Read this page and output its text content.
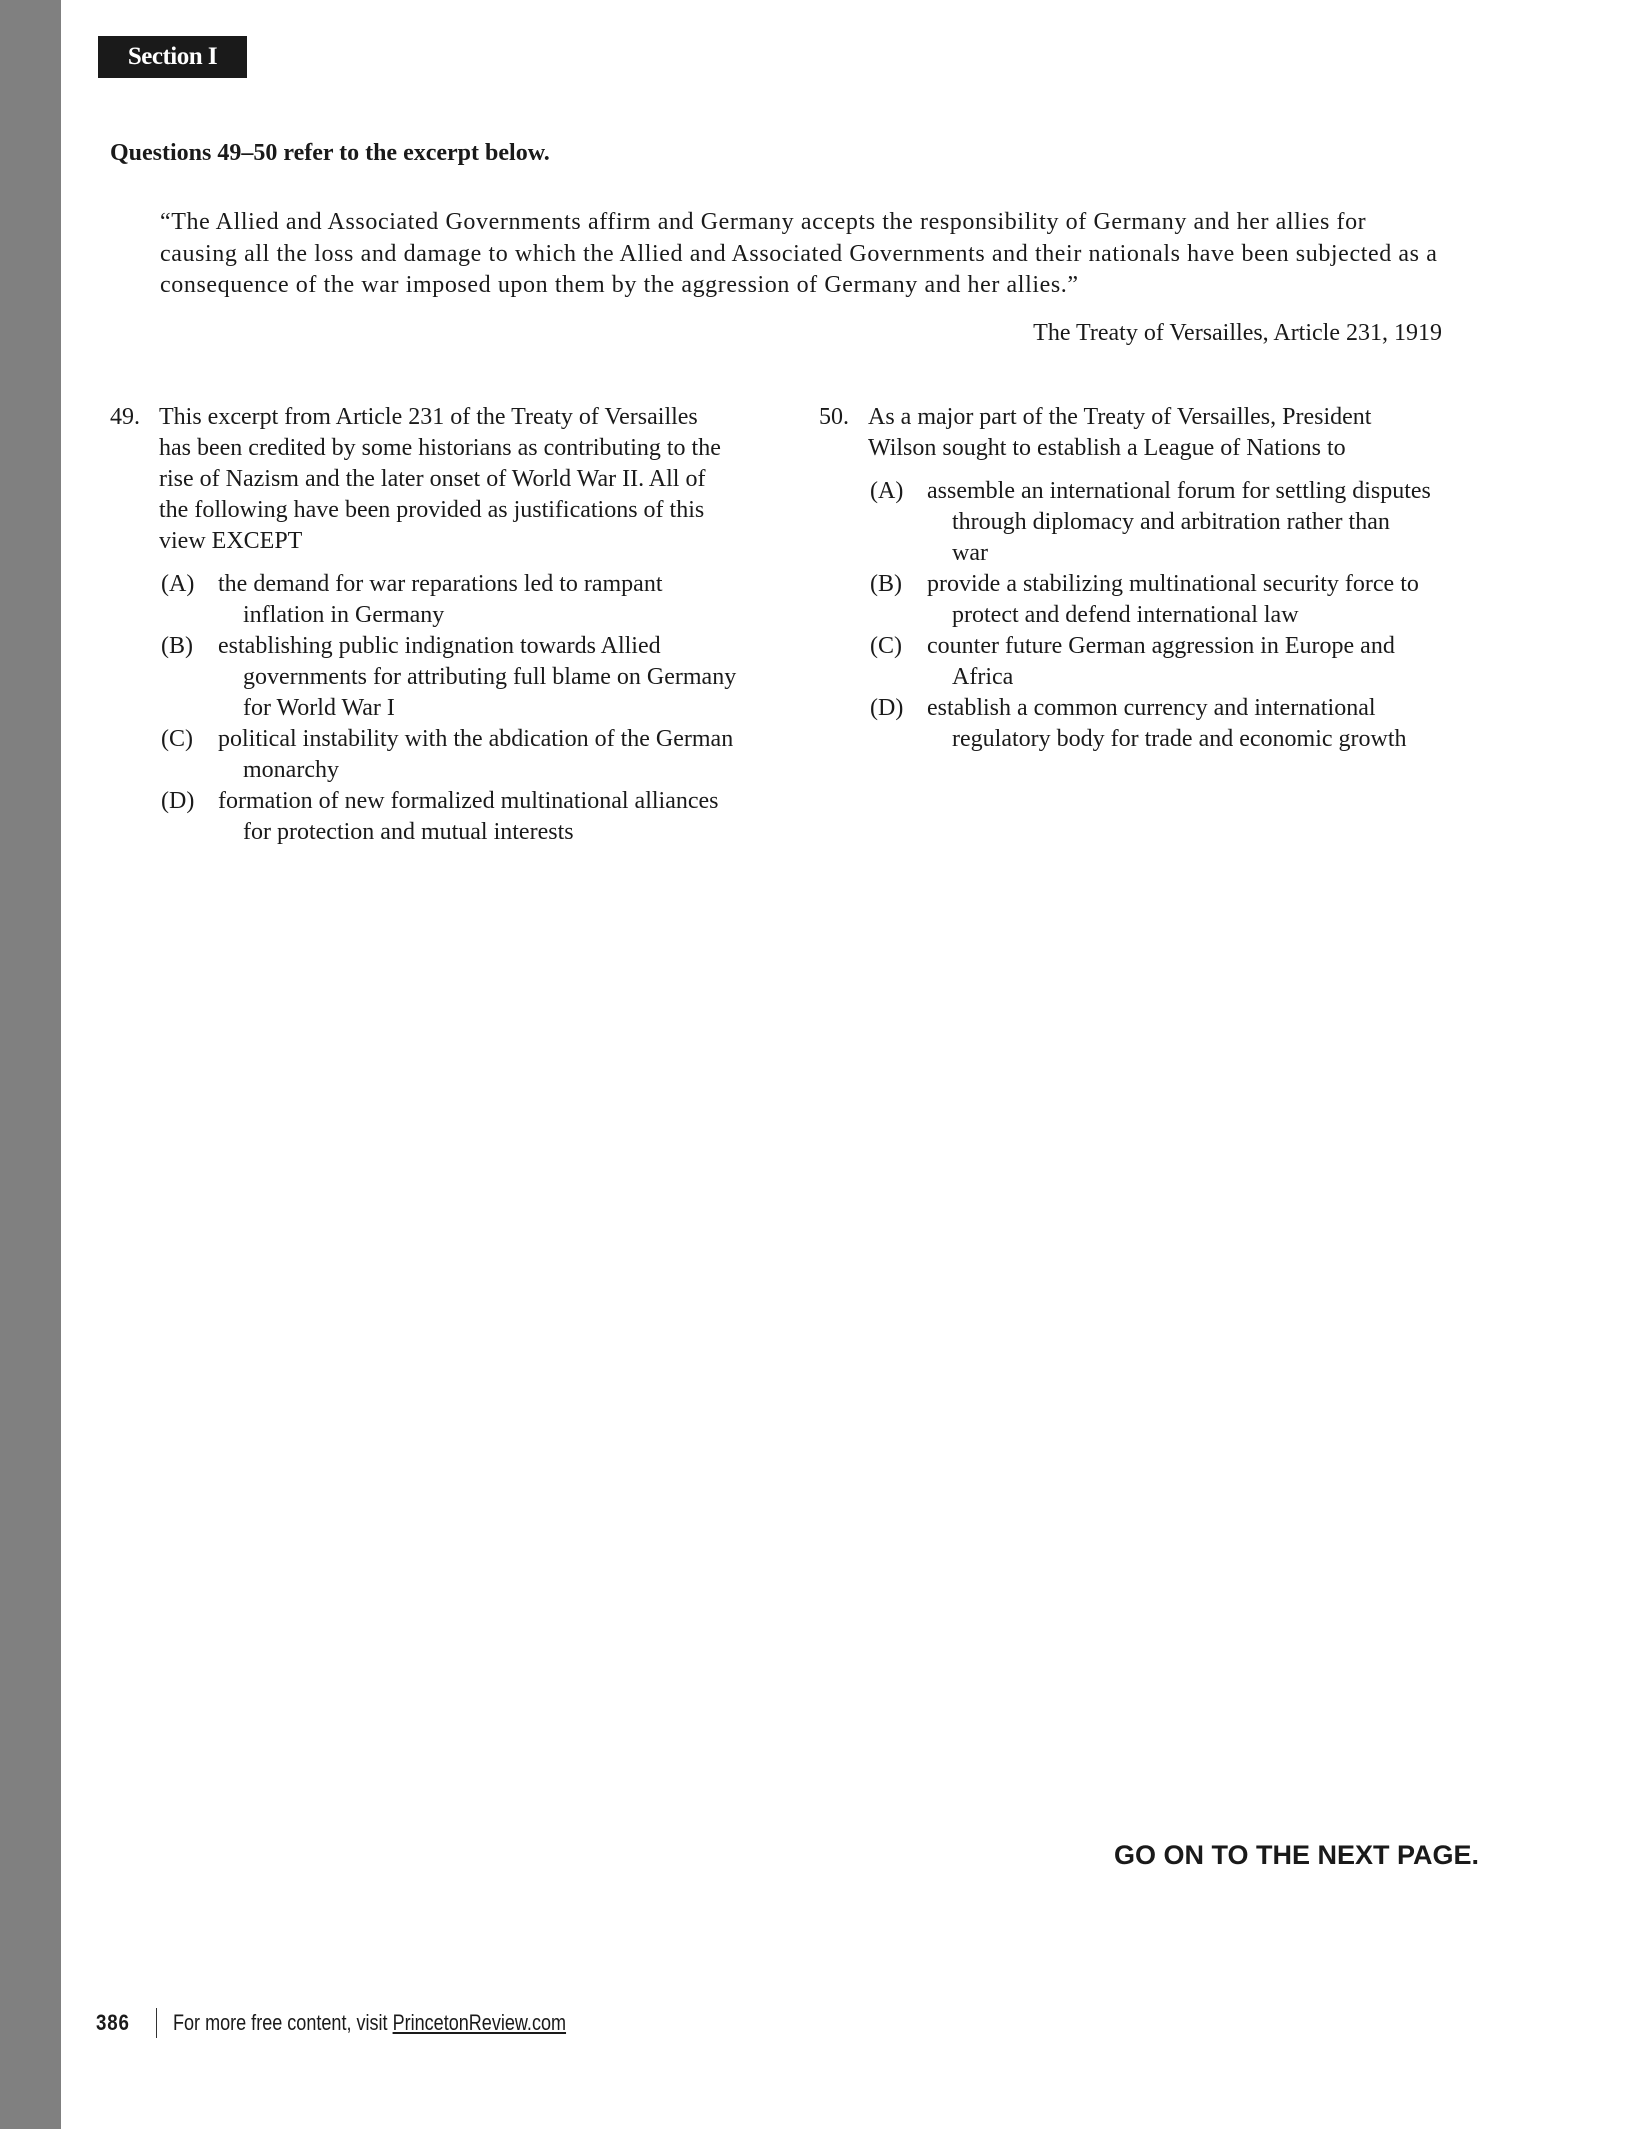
Section I
Questions 49–50 refer to the excerpt below.
“The Allied and Associated Governments affirm and Germany accepts the responsibility of Germany and her allies for
causing all the loss and damage to which the Allied and Associated Governments and their nationals have been subjected as a
consequence of the war imposed upon them by the aggression of Germany and her allies.”
The Treaty of Versailles, Article 231, 1919
49. This excerpt from Article 231 of the Treaty of Versailles
has been credited by some historians as contributing to the
rise of Nazism and the later onset of World War II. All of
the following have been provided as justifications of this
view EXCEPT
(A) the demand for war reparations led to rampant
inflation in Germany
(B) establishing public indignation towards Allied
governments for attributing full blame on Germany
for World War I
(C) political instability with the abdication of the German
monarchy
(D) formation of new formalized multinational alliances
for protection and mutual interests
50. As a major part of the Treaty of Versailles, President
Wilson sought to establish a League of Nations to
(A) assemble an international forum for settling disputes
through diplomacy and arbitration rather than
war
(B) provide a stabilizing multinational security force to
protect and defend international law
(C) counter future German aggression in Europe and
Africa
(D) establish a common currency and international
regulatory body for trade and economic growth
GO ON TO THE NEXT PAGE.
386 For more free content, visit PrincetonReview.com
